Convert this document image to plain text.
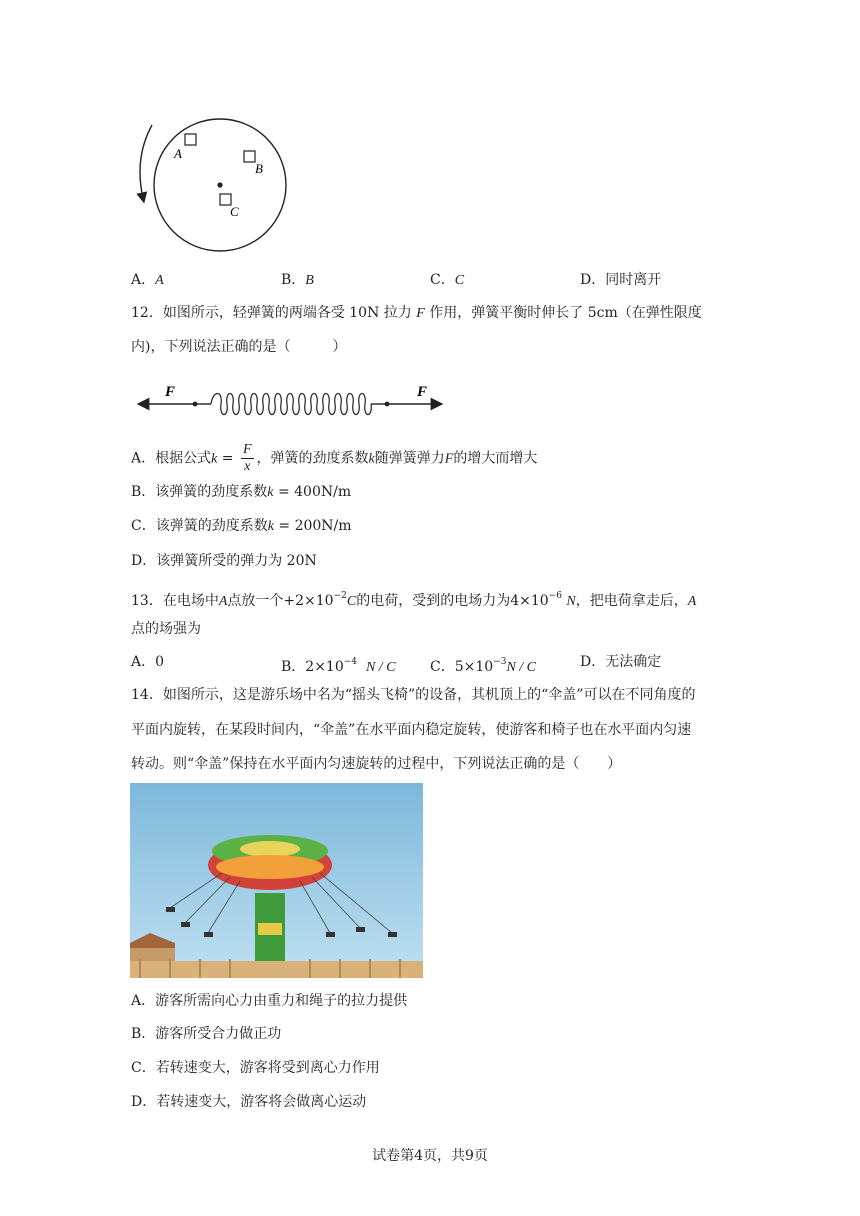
A
B
C
A．A	B．B	C．C	D．同时离开
12．如图所示，轻弹簧的两端各受 10N 拉力 F 作用，弹簧平衡时伸长了 5cm（在弹性限度
内)，下列说法正确的是（　　　）
F	F
A．根据公式$k = \frac{F}{x}$ ，弹簧的劲度系数k随弹簧弹力F的增大而增大
B．该弹簧的劲度系数k = 400N/m
C．该弹簧的劲度系数k = 200N/m
D．该弹簧所受的弹力为 20N
13．在电场中A点放一个$+2\times 10^{-2}C$的电荷，受到的电场力为$4\times 10^{-6}$ N，把电荷拿走后，A
点的场强为
A．0	B．$2\times 10^{-4}$ N / C C．$5\times 10^{-3}N / C$	D．无法确定
14．如图所示，这是游乐场中名为“摇头飞椅”的设备，其机顶上的“伞盖”可以在不同角度的
平面内旋转，在某段时间内，“伞盖”在水平面内稳定旋转，使游客和椅子也在水平面内匀速
转动。则“伞盖”保持在水平面内匀速旋转的过程中，下列说法正确的是（　　）
A．游客所需向心力由重力和绳子的拉力提供
B．游客所受合力做正功
C．若转速变大，游客将受到离心力作用
D．若转速变大，游客将会做离心运动
试卷第4页，共9页
